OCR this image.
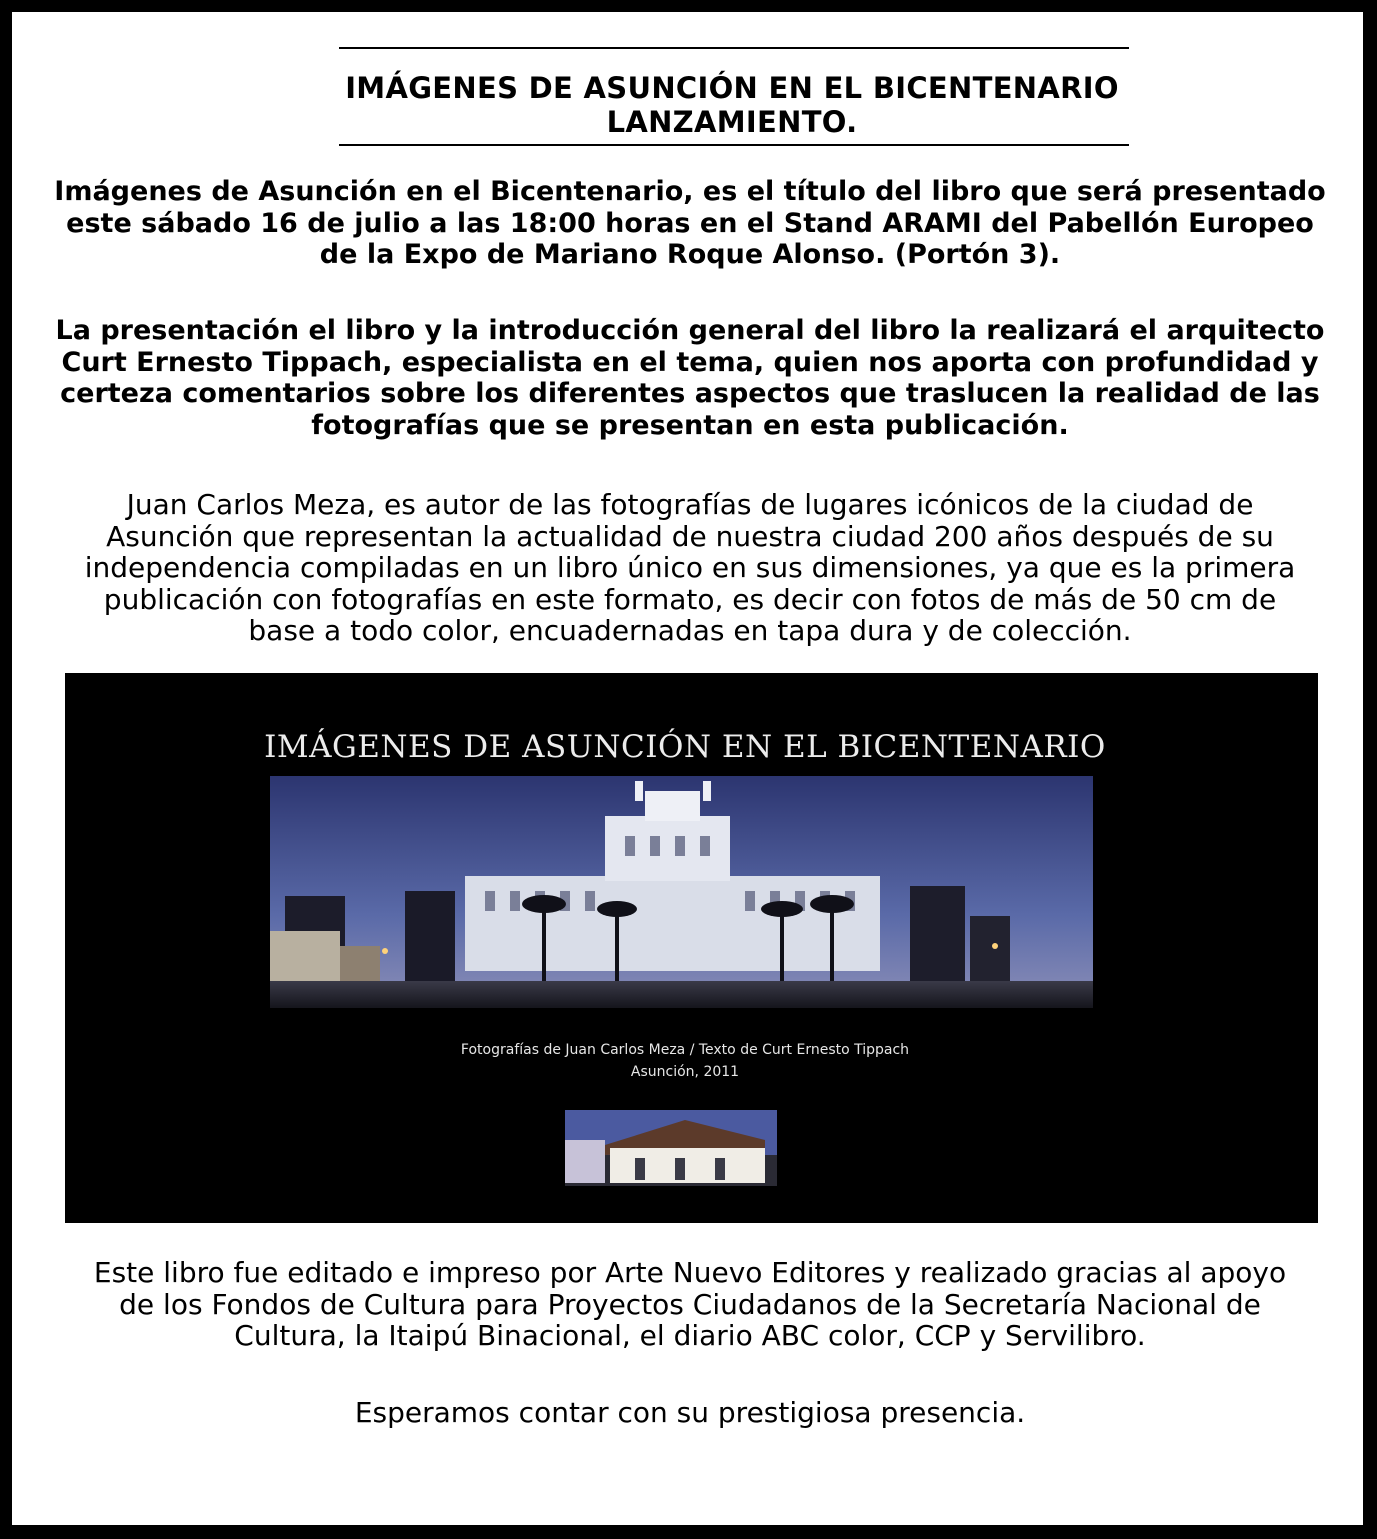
IMÁGENES DE ASUNCIÓN EN EL BICENTENARIO
LANZAMIENTO.
Imágenes de Asunción en el Bicentenario, es el título del libro que será presentado
este sábado 16 de julio a las 18:00 horas en el Stand ARAMI del Pabellón Europeo
de la Expo de Mariano Roque Alonso. (Portón 3).
La presentación el libro y la introducción general del libro la realizará el arquitecto
Curt Ernesto Tippach, especialista en el tema, quien nos aporta con profundidad y
certeza comentarios sobre los diferentes aspectos que traslucen la realidad de las
fotografías que se presentan en esta publicación.
Juan Carlos Meza, es autor de las fotografías de lugares icónicos de la ciudad de
Asunción que representan la actualidad de nuestra ciudad 200 años después de su
independencia compiladas en un libro único en sus dimensiones, ya que es la primera
publicación con fotografías en este formato, es decir con fotos de más de 50 cm de
base a todo color, encuadernadas en tapa dura y de colección.
IMÁGENES DE ASUNCIÓN EN EL BICENTENARIO
Fotografías de Juan Carlos Meza / Texto de Curt Ernesto Tippach
Asunción, 2011
Este libro fue editado e impreso por Arte Nuevo Editores y realizado gracias al apoyo
de los Fondos de Cultura para Proyectos Ciudadanos de la Secretaría Nacional de
Cultura, la Itaipú Binacional, el diario ABC color, CCP y Servilibro.
Esperamos contar con su prestigiosa presencia.
